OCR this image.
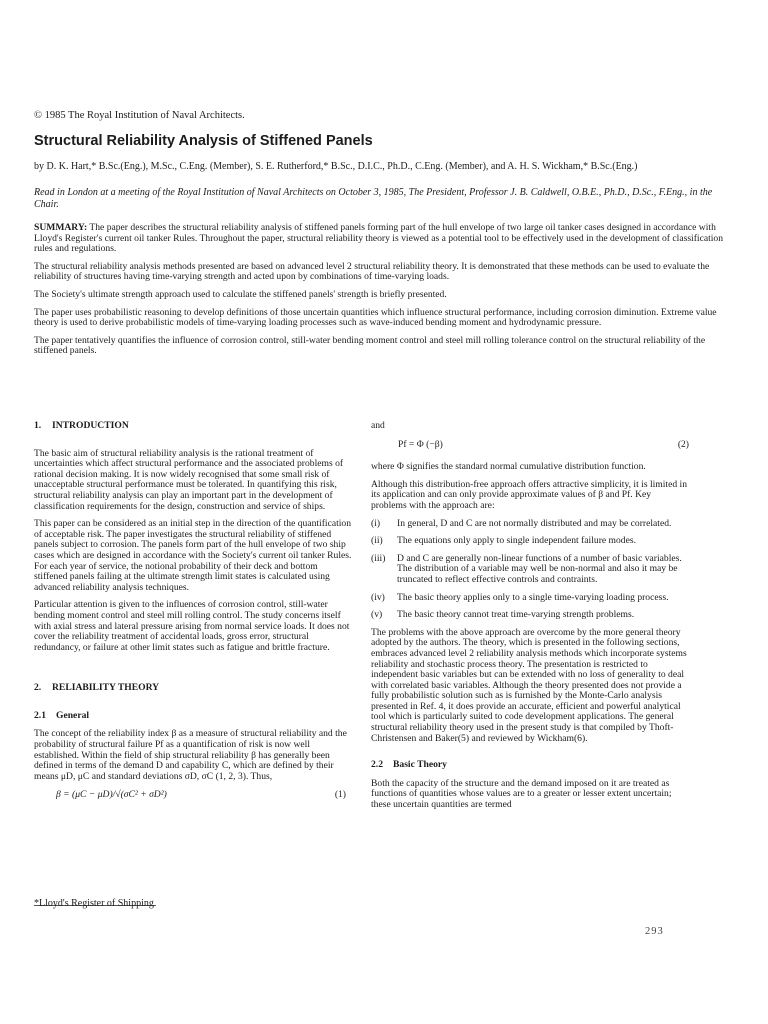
© 1985 The Royal Institution of Naval Architects.
Structural Reliability Analysis of Stiffened Panels
by D. K. Hart,* B.Sc.(Eng.), M.Sc., C.Eng. (Member), S. E. Rutherford,* B.Sc., D.I.C., Ph.D., C.Eng. (Member), and A. H. S. Wickham,* B.Sc.(Eng.)
Read in London at a meeting of the Royal Institution of Naval Architects on October 3, 1985, The President, Professor J. B. Caldwell, O.B.E., Ph.D., D.Sc., F.Eng., in the Chair.

SUMMARY: The paper describes the structural reliability analysis of stiffened panels forming part of the hull envelope of two large oil tanker cases designed in accordance with Lloyd's Register's current oil tanker Rules. Throughout the paper, structural reliability theory is viewed as a potential tool to be effectively used in the development of classification rules and regulations.

The structural reliability analysis methods presented are based on advanced level 2 structural reliability theory. It is demonstrated that these methods can be used to evaluate the reliability of structures having time-varying strength and acted upon by combinations of time-varying loads.

The Society's ultimate strength approach used to calculate the stiffened panels' strength is briefly presented.

The paper uses probabilistic reasoning to develop definitions of those uncertain quantities which influence structural performance, including corrosion diminution. Extreme value theory is used to derive probabilistic models of time-varying loading processes such as wave-induced bending moment and hydrodynamic pressure.

The paper tentatively quantifies the influence of corrosion control, still-water bending moment control and steel mill rolling tolerance control on the structural reliability of the stiffened panels.

1. INTRODUCTION

The basic aim of structural reliability analysis is the rational treatment of uncertainties which affect structural performance and the associated problems of rational decision making. It is now widely recognised that some small risk of unacceptable structural performance must be tolerated. In quantifying this risk, structural reliability analysis can play an important part in the development of classification requirements for the design, construction and service of ships.

This paper can be considered as an initial step in the direction of the quantification of acceptable risk. The paper investigates the structural reliability of stiffened panels subject to corrosion. The panels form part of the hull envelope of two ship cases which are designed in accordance with the Society's current oil tanker Rules. For each year of service, the notional probability of their deck and bottom stiffened panels failing at the ultimate strength limit states is calculated using advanced reliability analysis techniques.

Particular attention is given to the influences of corrosion control, still-water bending moment control and steel mill rolling control. The study concerns itself with axial stress and lateral pressure arising from normal service loads. It does not cover the reliability treatment of accidental loads, gross error, structural redundancy, or failure at other limit states such as fatigue and brittle fracture.

2. RELIABILITY THEORY
2.1 General

The concept of the reliability index β as a measure of structural reliability and the probability of structural failure Pf as a quantification of risk is now well established. Within the field of ship structural reliability β has generally been defined in terms of the demand D and capability C, which are defined by their means μD, μC and standard deviations σD, σC (1, 2, 3). Thus,

β = (μC − μD)/√(σC² + σD²)	(1)

and

Pf = Φ (−β)	(2)

where Φ signifies the standard normal cumulative distribution function.

Although this distribution-free approach offers attractive simplicity, it is limited in its application and can only provide approximate values of β and Pf. Key problems with the approach are:

(i)	In general, D and C are not normally distributed and may be correlated.
(ii)	The equations only apply to single independent failure modes.
(iii)	D and C are generally non-linear functions of a number of basic variables. The distribution of a variable may well be non-normal and also it may be truncated to reflect effective controls and contraints.
(iv)	The basic theory applies only to a single time-varying loading process.
(v)	The basic theory cannot treat time-varying strength problems.

The problems with the above approach are overcome by the more general theory adopted by the authors. The theory, which is presented in the following sections, embraces advanced level 2 reliability analysis methods which incorporate systems reliability and stochastic process theory. The presentation is restricted to independent basic variables but can be extended with no loss of generality to deal with correlated basic variables. Although the theory presented does not provide a fully probabilistic solution such as is furnished by the Monte-Carlo analysis presented in Ref. 4, it does provide an accurate, efficient and powerful analytical tool which is particularly suited to code development applications. The general structural reliability theory used in the present study is that compiled by Thoft-Christensen and Baker(5) and reviewed by Wickham(6).

2.2 Basic Theory

Both the capacity of the structure and the demand imposed on it are treated as functions of quantities whose values are to a greater or lesser extent uncertain; these uncertain quantities are termed

*Lloyd's Register of Shipping
293
